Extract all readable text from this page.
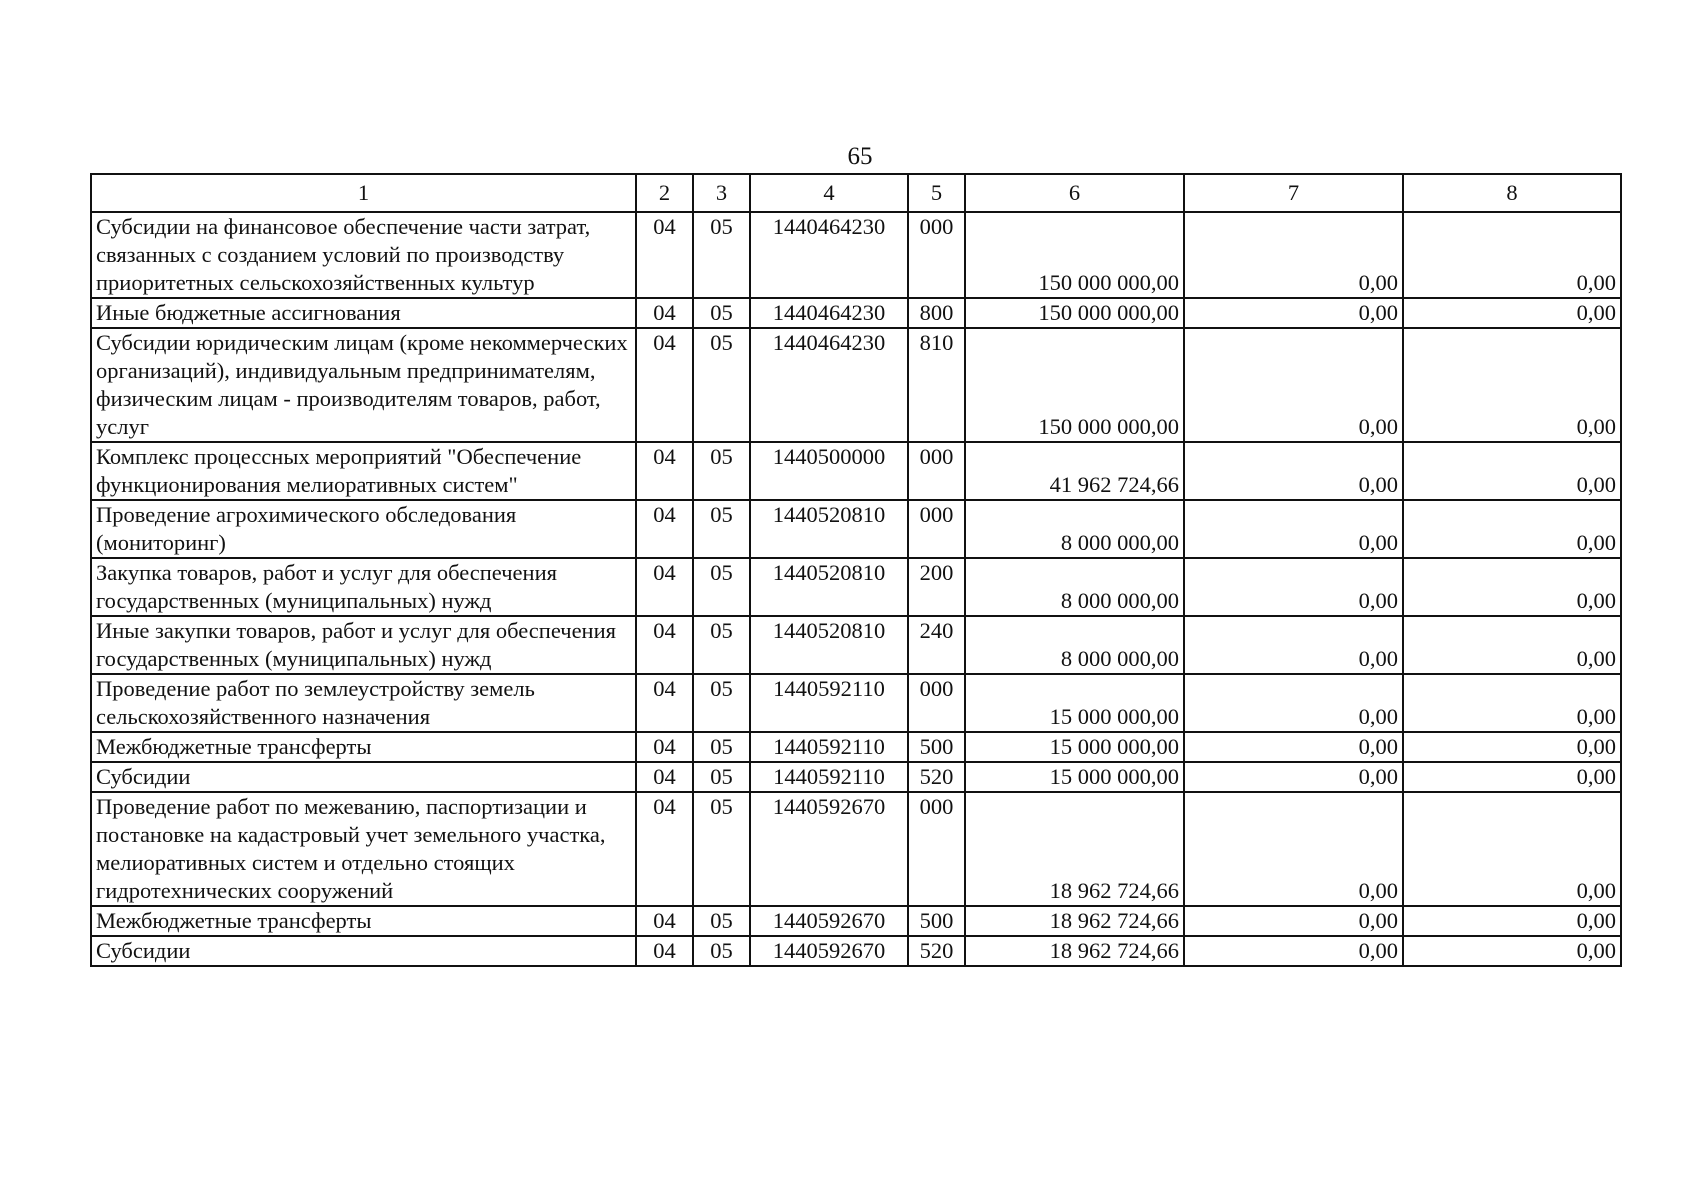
65
1	2	3	4	5	6	7	8
Субсидии на финансовое обеспечение части затрат, связанных с созданием условий по производству приоритетных сельскохозяйственных культур	04	05	1440464230	000	150 000 000,00	0,00	0,00
Иные бюджетные ассигнования	04	05	1440464230	800	150 000 000,00	0,00	0,00
Субсидии юридическим лицам (кроме некоммерческих организаций), индивидуальным предпринимателям, физическим лицам - производителям товаров, работ, услуг	04	05	1440464230	810	150 000 000,00	0,00	0,00
Комплекс процессных мероприятий "Обеспечение функционирования мелиоративных систем"	04	05	1440500000	000	41 962 724,66	0,00	0,00
Проведение агрохимического обследования (мониторинг)	04	05	1440520810	000	8 000 000,00	0,00	0,00
Закупка товаров, работ и услуг для обеспечения государственных (муниципальных) нужд	04	05	1440520810	200	8 000 000,00	0,00	0,00
Иные закупки товаров, работ и услуг для обеспечения государственных (муниципальных) нужд	04	05	1440520810	240	8 000 000,00	0,00	0,00
Проведение работ по землеустройству земель сельскохозяйственного назначения	04	05	1440592110	000	15 000 000,00	0,00	0,00
Межбюджетные трансферты	04	05	1440592110	500	15 000 000,00	0,00	0,00
Субсидии	04	05	1440592110	520	15 000 000,00	0,00	0,00
Проведение работ по межеванию, паспортизации и постановке на кадастровый учет земельного участка, мелиоративных систем и отдельно стоящих гидротехнических сооружений	04	05	1440592670	000	18 962 724,66	0,00	0,00
Межбюджетные трансферты	04	05	1440592670	500	18 962 724,66	0,00	0,00
Субсидии	04	05	1440592670	520	18 962 724,66	0,00	0,00
